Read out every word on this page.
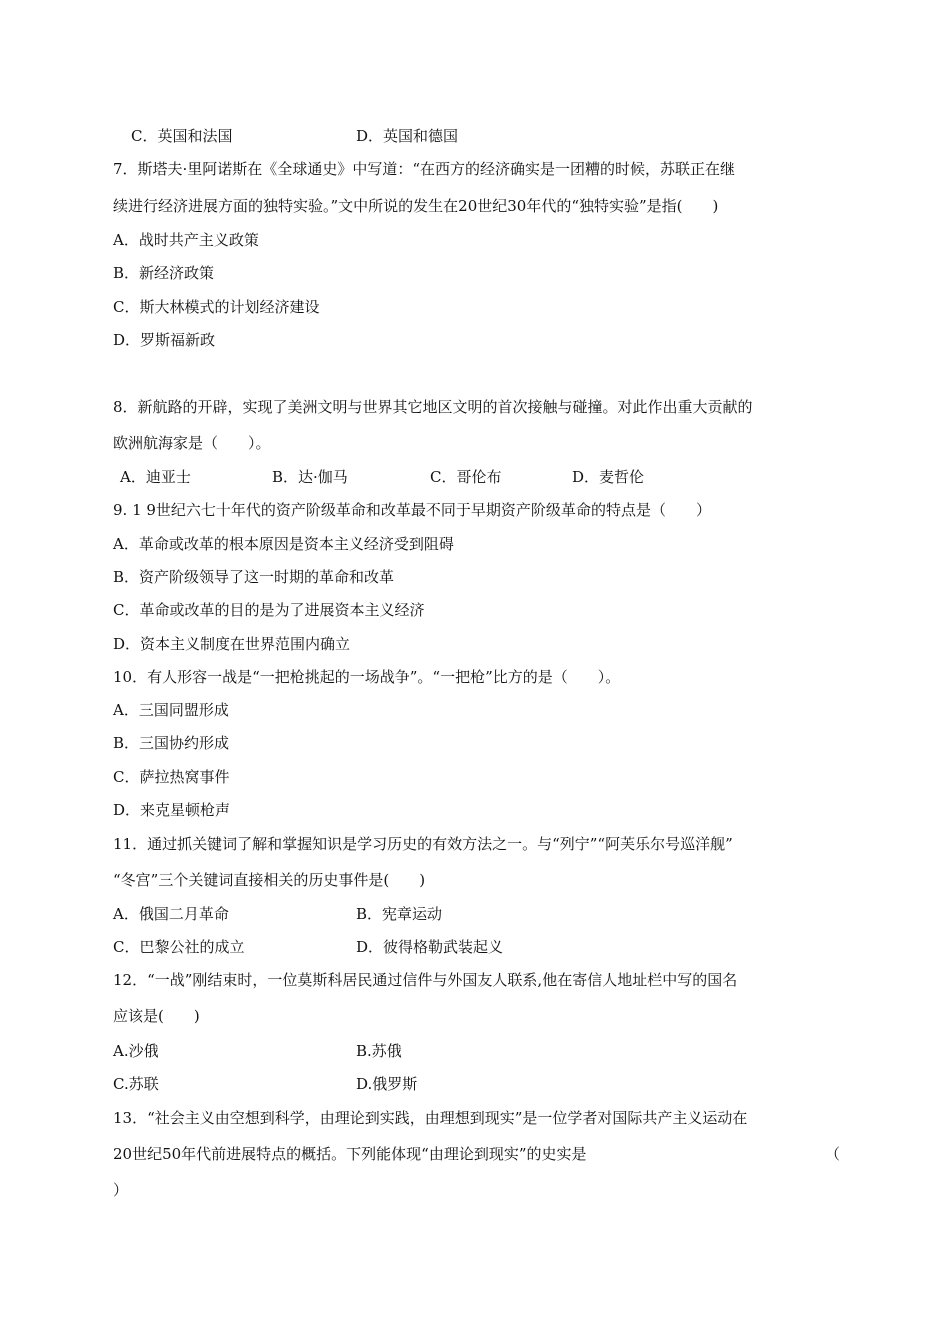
C．英国和法国	D．英国和德国
7．斯塔夫·里阿诺斯在《全球通史》中写道：“在西方的经济确实是一团糟的时候，苏联正在继
续进行经济进展方面的独特实验。”文中所说的发生在20世纪30年代的“独特实验”是指(　　)
A．战时共产主义政策
B．新经济政策
C．斯大林模式的计划经济建设
D．罗斯福新政
8．新航路的开辟，实现了美洲文明与世界其它地区文明的首次接触与碰撞。对此作出重大贡献的
欧洲航海家是（　　）。
A．迪亚士	B．达·伽马	C．哥伦布	D．麦哲伦
9. 1 9世纪六七十年代的资产阶级革命和改革最不同于早期资产阶级革命的特点是（　　）
A．革命或改革的根本原因是资本主义经济受到阻碍
B．资产阶级领导了这一时期的革命和改革
C．革命或改革的目的是为了进展资本主义经济
D．资本主义制度在世界范围内确立
10．有人形容一战是“一把枪挑起的一场战争”。“一把枪”比方的是（　　）。
A．三国同盟形成
B．三国协约形成
C．萨拉热窝事件
D．来克星顿枪声
11．通过抓关键词了解和掌握知识是学习历史的有效方法之一。与“列宁”“阿芙乐尔号巡洋舰”
“冬宫”三个关键词直接相关的历史事件是(　　)
A．俄国二月革命	B．宪章运动
C．巴黎公社的成立	D．彼得格勒武装起义
12．“一战”刚结束时，一位莫斯科居民通过信件与外国友人联系,他在寄信人地址栏中写的国名
应该是(　　)
A.沙俄	B.苏俄
C.苏联	D.俄罗斯
13．“社会主义由空想到科学，由理论到实践，由理想到现实”是一位学者对国际共产主义运动在
20世纪50年代前进展特点的概括。下列能体现“由理论到现实”的史实是	（
）
